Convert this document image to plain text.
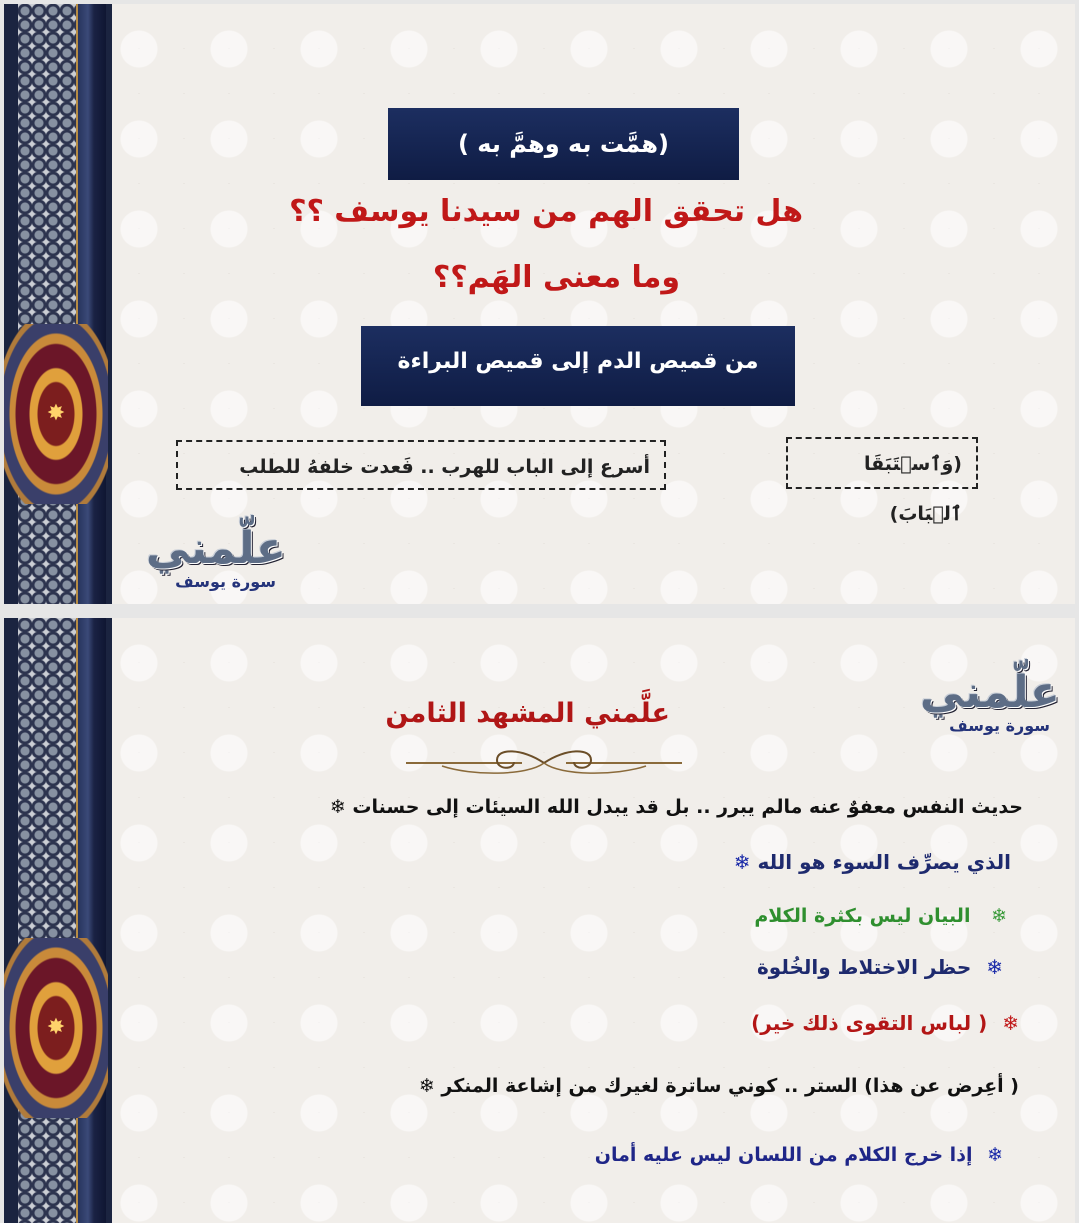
✸
(همَّت به وهمَّ به )
هل تحقق الهم من سيدنا يوسف ؟؟
وما معنى الهَم؟؟
من قميص الدم إلى قميص البراءة
(وَٱسۡتَبَقَا ٱلۡبَابَ)
أسرع إلى الباب للهرب .. فَعدت خلفهُ للطلب
علّمني
سورة يوسف
✸
علّمني
سورة يوسف
علَّمني المشهد الثامن
حديث النفس معفوٌ عنه مالم يبرر .. بل قد يبدل الله السيئات إلى حسنات ❄
الذي يصرِّف السوء هو الله ❄
❄ البيان ليس بكثرة الكلام
❄ حظر الاختلاط والخُلوة
❄ ( لباس التقوى ذلك خير)
( أعِرض عن هذا) الستر .. كوني ساترة لغيرك من إشاعة المنكر ❄
❄ إذا خرج الكلام من اللسان ليس عليه أمان
